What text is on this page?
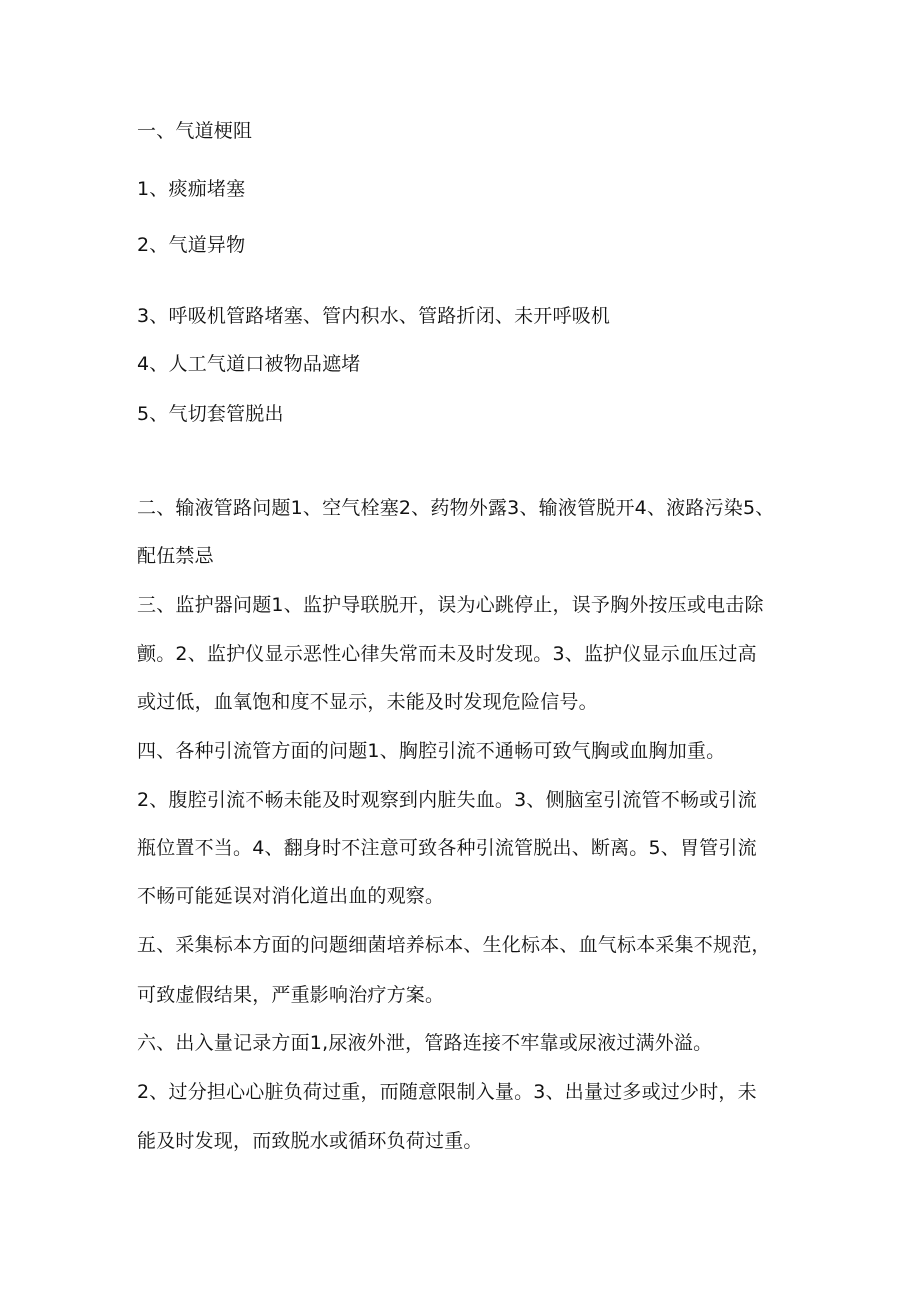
一、气道梗阻
1、痰痂堵塞
2、气道异物
3、呼吸机管路堵塞、管内积水、管路折闭、未开呼吸机
4、人工气道口被物品遮堵
5、气切套管脱出
二、输液管路问题1、空气栓塞2、药物外露3、输液管脱开4、液路污染5、
配伍禁忌
三、监护器问题1、监护导联脱开，误为心跳停止，误予胸外按压或电击除
颤。2、监护仪显示恶性心律失常而未及时发现。3、监护仪显示血压过高
或过低，血氧饱和度不显示，未能及时发现危险信号。
四、各种引流管方面的问题1、胸腔引流不通畅可致气胸或血胸加重。
2、腹腔引流不畅未能及时观察到内脏失血。3、侧脑室引流管不畅或引流
瓶位置不当。4、翻身时不注意可致各种引流管脱出、断离。5、胃管引流
不畅可能延误对消化道出血的观察。
五、采集标本方面的问题细菌培养标本、生化标本、血气标本采集不规范，
可致虚假结果，严重影响治疗方案。
六、出入量记录方面1,尿液外泄，管路连接不牢靠或尿液过满外溢。
2、过分担心心脏负荷过重，而随意限制入量。3、出量过多或过少时，未
能及时发现，而致脱水或循环负荷过重。
